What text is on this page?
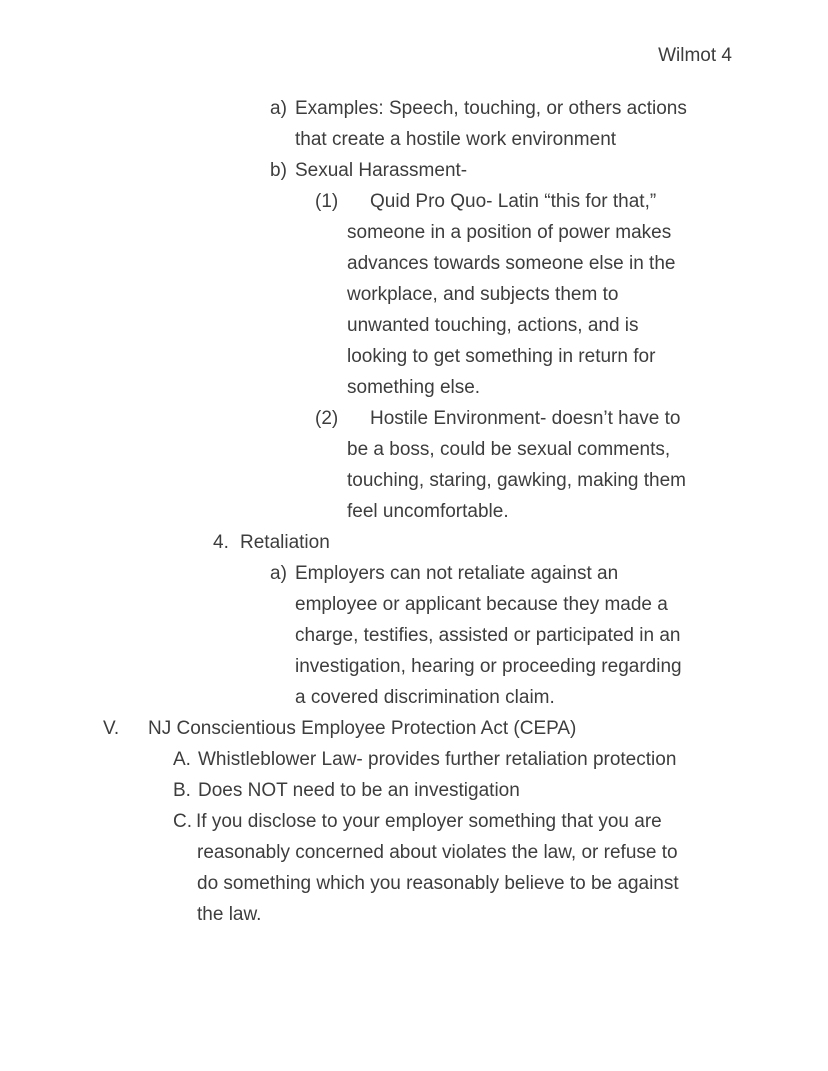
Wilmot 4
a) Examples: Speech, touching, or others actions
that create a hostile work environment
b) Sexual Harassment-
(1) Quid Pro Quo- Latin “this for that,”
someone in a position of power makes
advances towards someone else in the
workplace, and subjects them to
unwanted touching, actions, and is
looking to get something in return for
something else.
(2) Hostile Environment- doesn’t have to
be a boss, could be sexual comments,
touching, staring, gawking, making them
feel uncomfortable.
4. Retaliation
a) Employers can not retaliate against an
employee or applicant because they made a
charge, testifies, assisted or participated in an
investigation, hearing or proceeding regarding
a covered discrimination claim.
V. NJ Conscientious Employee Protection Act (CEPA)
A. Whistleblower Law- provides further retaliation protection
B. Does NOT need to be an investigation
C. If you disclose to your employer something that you are
reasonably concerned about violates the law, or refuse to
do something which you reasonably believe to be against
the law.
